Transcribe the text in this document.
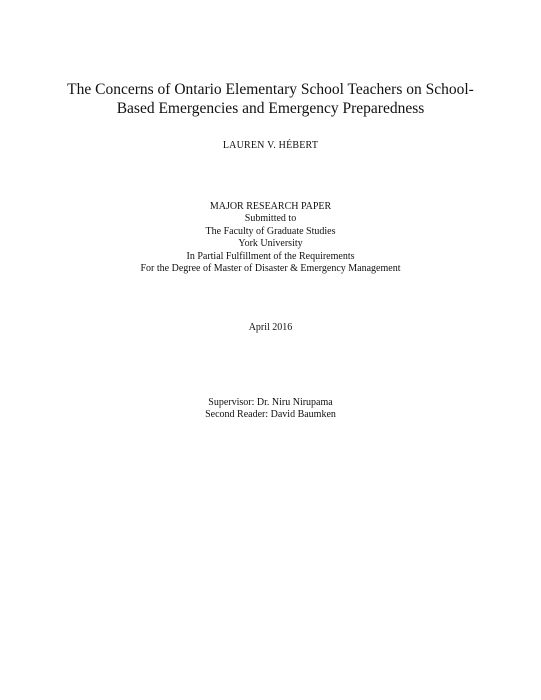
The Concerns of Ontario Elementary School Teachers on School-
Based Emergencies and Emergency Preparedness
LAUREN V. HÉBERT
MAJOR RESEARCH PAPER
Submitted to
The Faculty of Graduate Studies
York University
In Partial Fulfillment of the Requirements
For the Degree of Master of Disaster & Emergency Management
April 2016
Supervisor: Dr. Niru Nirupama
Second Reader: David Baumken
